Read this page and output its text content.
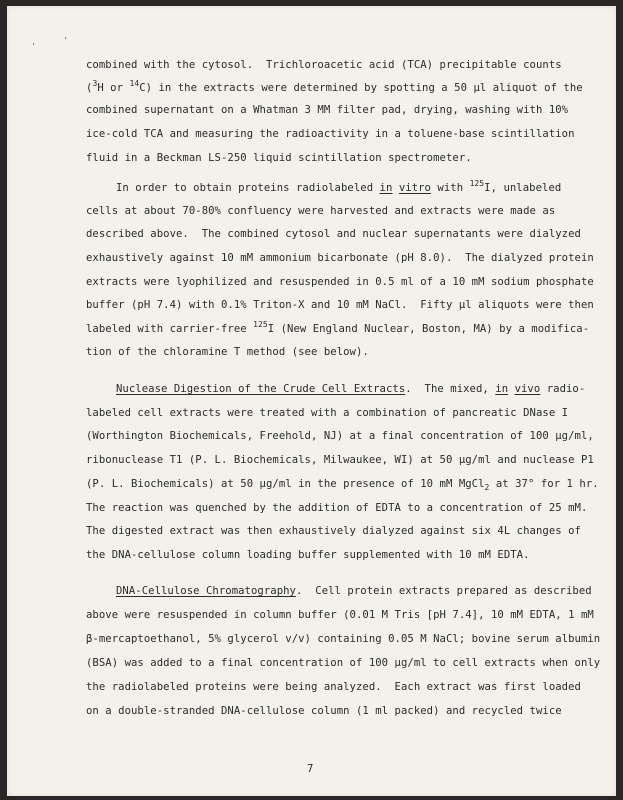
'
'
combined with the cytosol.  Trichloroacetic acid (TCA) precipitable counts
($^3$H or $^{14}$C) in the extracts were determined by spotting a 50 µl aliquot of the
combined supernatant on a Whatman 3 MM filter pad, drying, washing with 10%
ice-cold TCA and measuring the radioactivity in a toluene-base scintillation
fluid in a Beckman LS-250 liquid scintillation spectrometer.
In order to obtain proteins radiolabeled in vitro with $^{125}$I, unlabeled
cells at about 70-80% confluency were harvested and extracts were made as
described above.  The combined cytosol and nuclear supernatants were dialyzed
exhaustively against 10 mM ammonium bicarbonate (pH 8.0).  The dialyzed protein
extracts were lyophilized and resuspended in 0.5 ml of a 10 mM sodium phosphate
buffer (pH 7.4) with 0.1% Triton-X and 10 mM NaCl.  Fifty µl aliquots were then
labeled with carrier-free $^{125}$I (New England Nuclear, Boston, MA) by a modifica-
tion of the chloramine T method (see below).
Nuclease Digestion of the Crude Cell Extracts.  The mixed, in vivo radio-
labeled cell extracts were treated with a combination of pancreatic DNase I
(Worthington Biochemicals, Freehold, NJ) at a final concentration of 100 µg/ml,
ribonuclease T1 (P. L. Biochemicals, Milwaukee, WI) at 50 µg/ml and nuclease P1
(P. L. Biochemicals) at 50 µg/ml in the presence of 10 mM MgCl$_2$ at 37° for 1 hr.
The reaction was quenched by the addition of EDTA to a concentration of 25 mM.
The digested extract was then exhaustively dialyzed against six 4L changes of
the DNA-cellulose column loading buffer supplemented with 10 mM EDTA.
DNA-Cellulose Chromatography.  Cell protein extracts prepared as described
above were resuspended in column buffer (0.01 M Tris [pH 7.4], 10 mM EDTA, 1 mM
β-mercaptoethanol, 5% glycerol v/v) containing 0.05 M NaCl; bovine serum albumin
(BSA) was added to a final concentration of 100 µg/ml to cell extracts when only
the radiolabeled proteins were being analyzed.  Each extract was first loaded
on a double-stranded DNA-cellulose column (1 ml packed) and recycled twice
7
